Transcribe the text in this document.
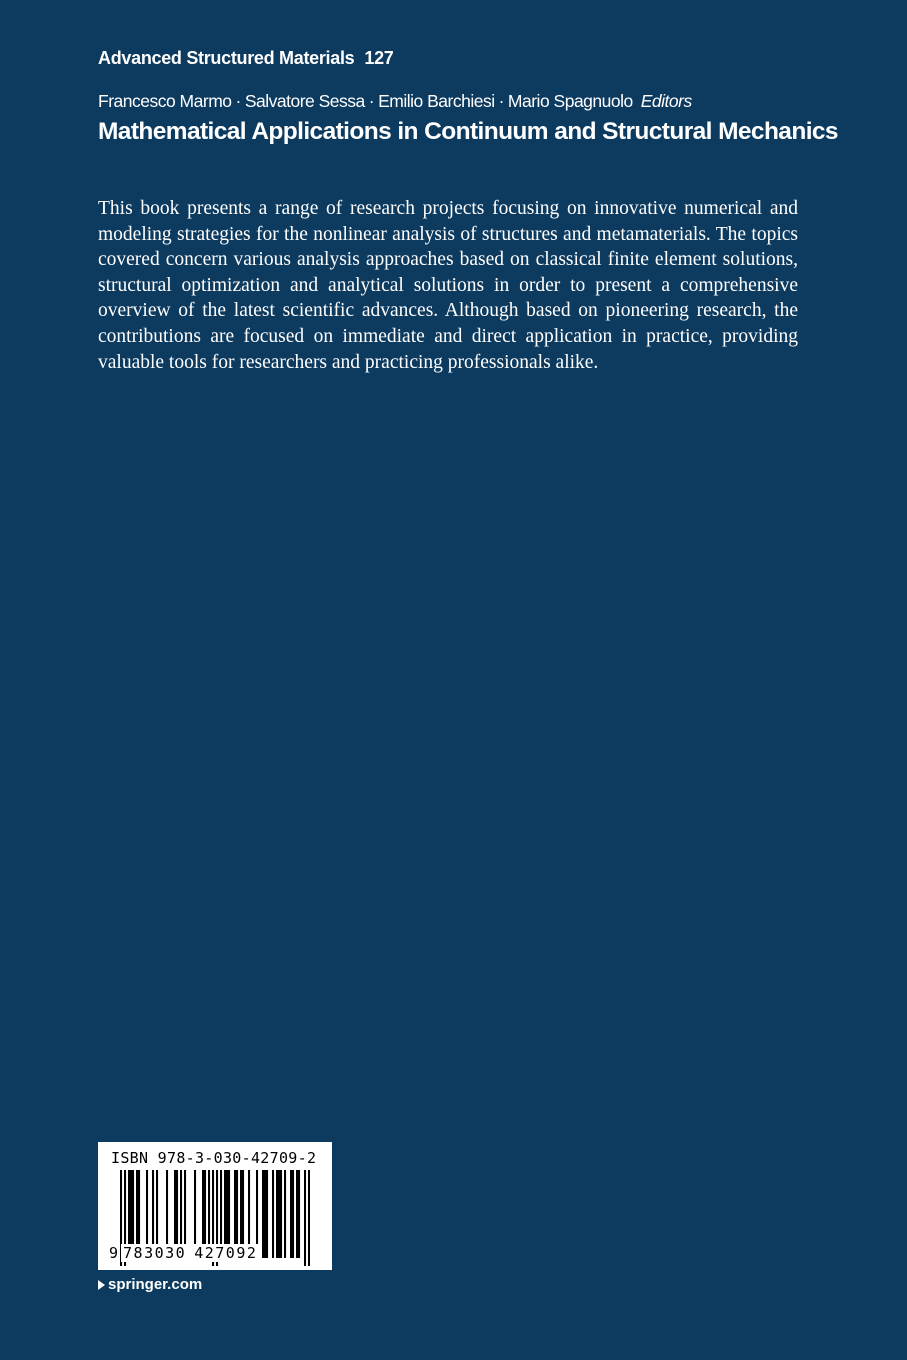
Advanced Structured Materials 127
Francesco Marmo · Salvatore Sessa · Emilio Barchiesi · Mario Spagnuolo Editors
Mathematical Applications in Continuum and Structural Mechanics

This book presents a range of research projects focusing on innovative numerical and modeling strategies for the nonlinear analysis of structures and metamaterials. The topics covered concern various analysis approaches based on classical finite element solutions, structural optimization and analytical solutions in order to present a comprehensive overview of the latest scientific advances. Although based on pioneering research, the contributions are focused on immediate and direct application in practice, providing valuable tools for researchers and practicing professionals alike.

ISBN 978-3-030-42709-2
9 783030 427092
springer.com
